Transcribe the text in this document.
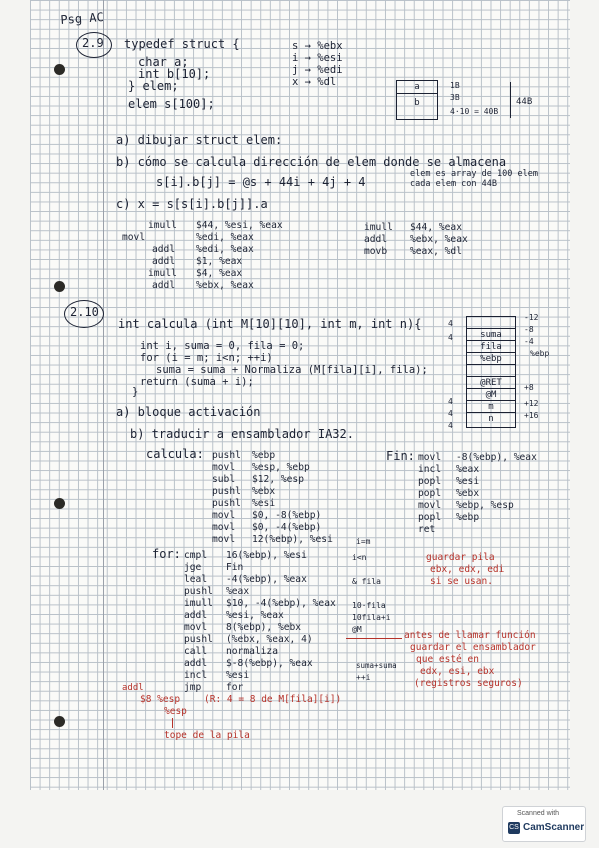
Psg AC
2.9 typedef struct {
char a;
int b[10];
} elem;
elem s[100];
s → %ebx
i → %esi
j → %edi
x → %dl	a
b
1B
3B
4·10 = 40B
44B
a) dibujar struct elem:
b) cómo se calcula dirección de elem donde se almacena
elem es array de 100 elem
cada elem con 44B
s[i].b[j] = @s + 44i + 4j + 4
c) x = s[s[i].b[j]].a
imull $44, %esi, %eax
movl	%edi, %eax
addl %edi, %eax
addl $1, %eax
imull $4, %eax
addl %ebx, %eax
imull $44, %eax
addl %ebx, %eax
movb %eax, %dl
2.10
int calcula (int M[10][10], int m, int n){
int i, suma = 0, fila = 0;
for (i = m; i<n; ++i)
suma = suma + Normaliza (M[fila][i], fila);
return (suma + i);
}
suma
fila
%ebp
@RET
@M
m
n
-12
-8
-4
%ebp
+8
+12
+16
4
4
4
4
4
a) bloque activación
b) traducir a ensamblador IA32.
calcula: pushl %ebp
movl %esp, %ebp
subl $12, %esp
pushl %ebx
pushl %esi
movl $0, -8(%ebp)
movl $0, -4(%ebp)
movl 12(%ebp), %esi	i=m
Fin: movl -8(%ebp), %eax
incl %eax
popl %esi
popl %ebx
movl %ebp, %esp
popl %ebp
ret
for: cmpl 16(%ebp), %esi	i<n
jge	Fin
leal -4(%ebp), %eax	& fila
pushl %eax
imull $10, -4(%ebp), %eax 10·fila
addl %esi, %eax	10fila+i
movl 8(%ebp), %ebx	@M
pushl (%ebx, %eax, 4)
call normaliza
addl $-8(%ebp), %eax	suma+suma
incl %esi	++i
jmp	for
guardar pila
ebx, edx, edi
si se usan.
antes de llamar función
guardar el ensamblador
que esté en
edx, esi, ebx
(registros seguros)
addl
$8 %esp
%esp
(R: 4 = 8 de M[fila][i])
tope de la pila
Scanned with
CS CamScanner
